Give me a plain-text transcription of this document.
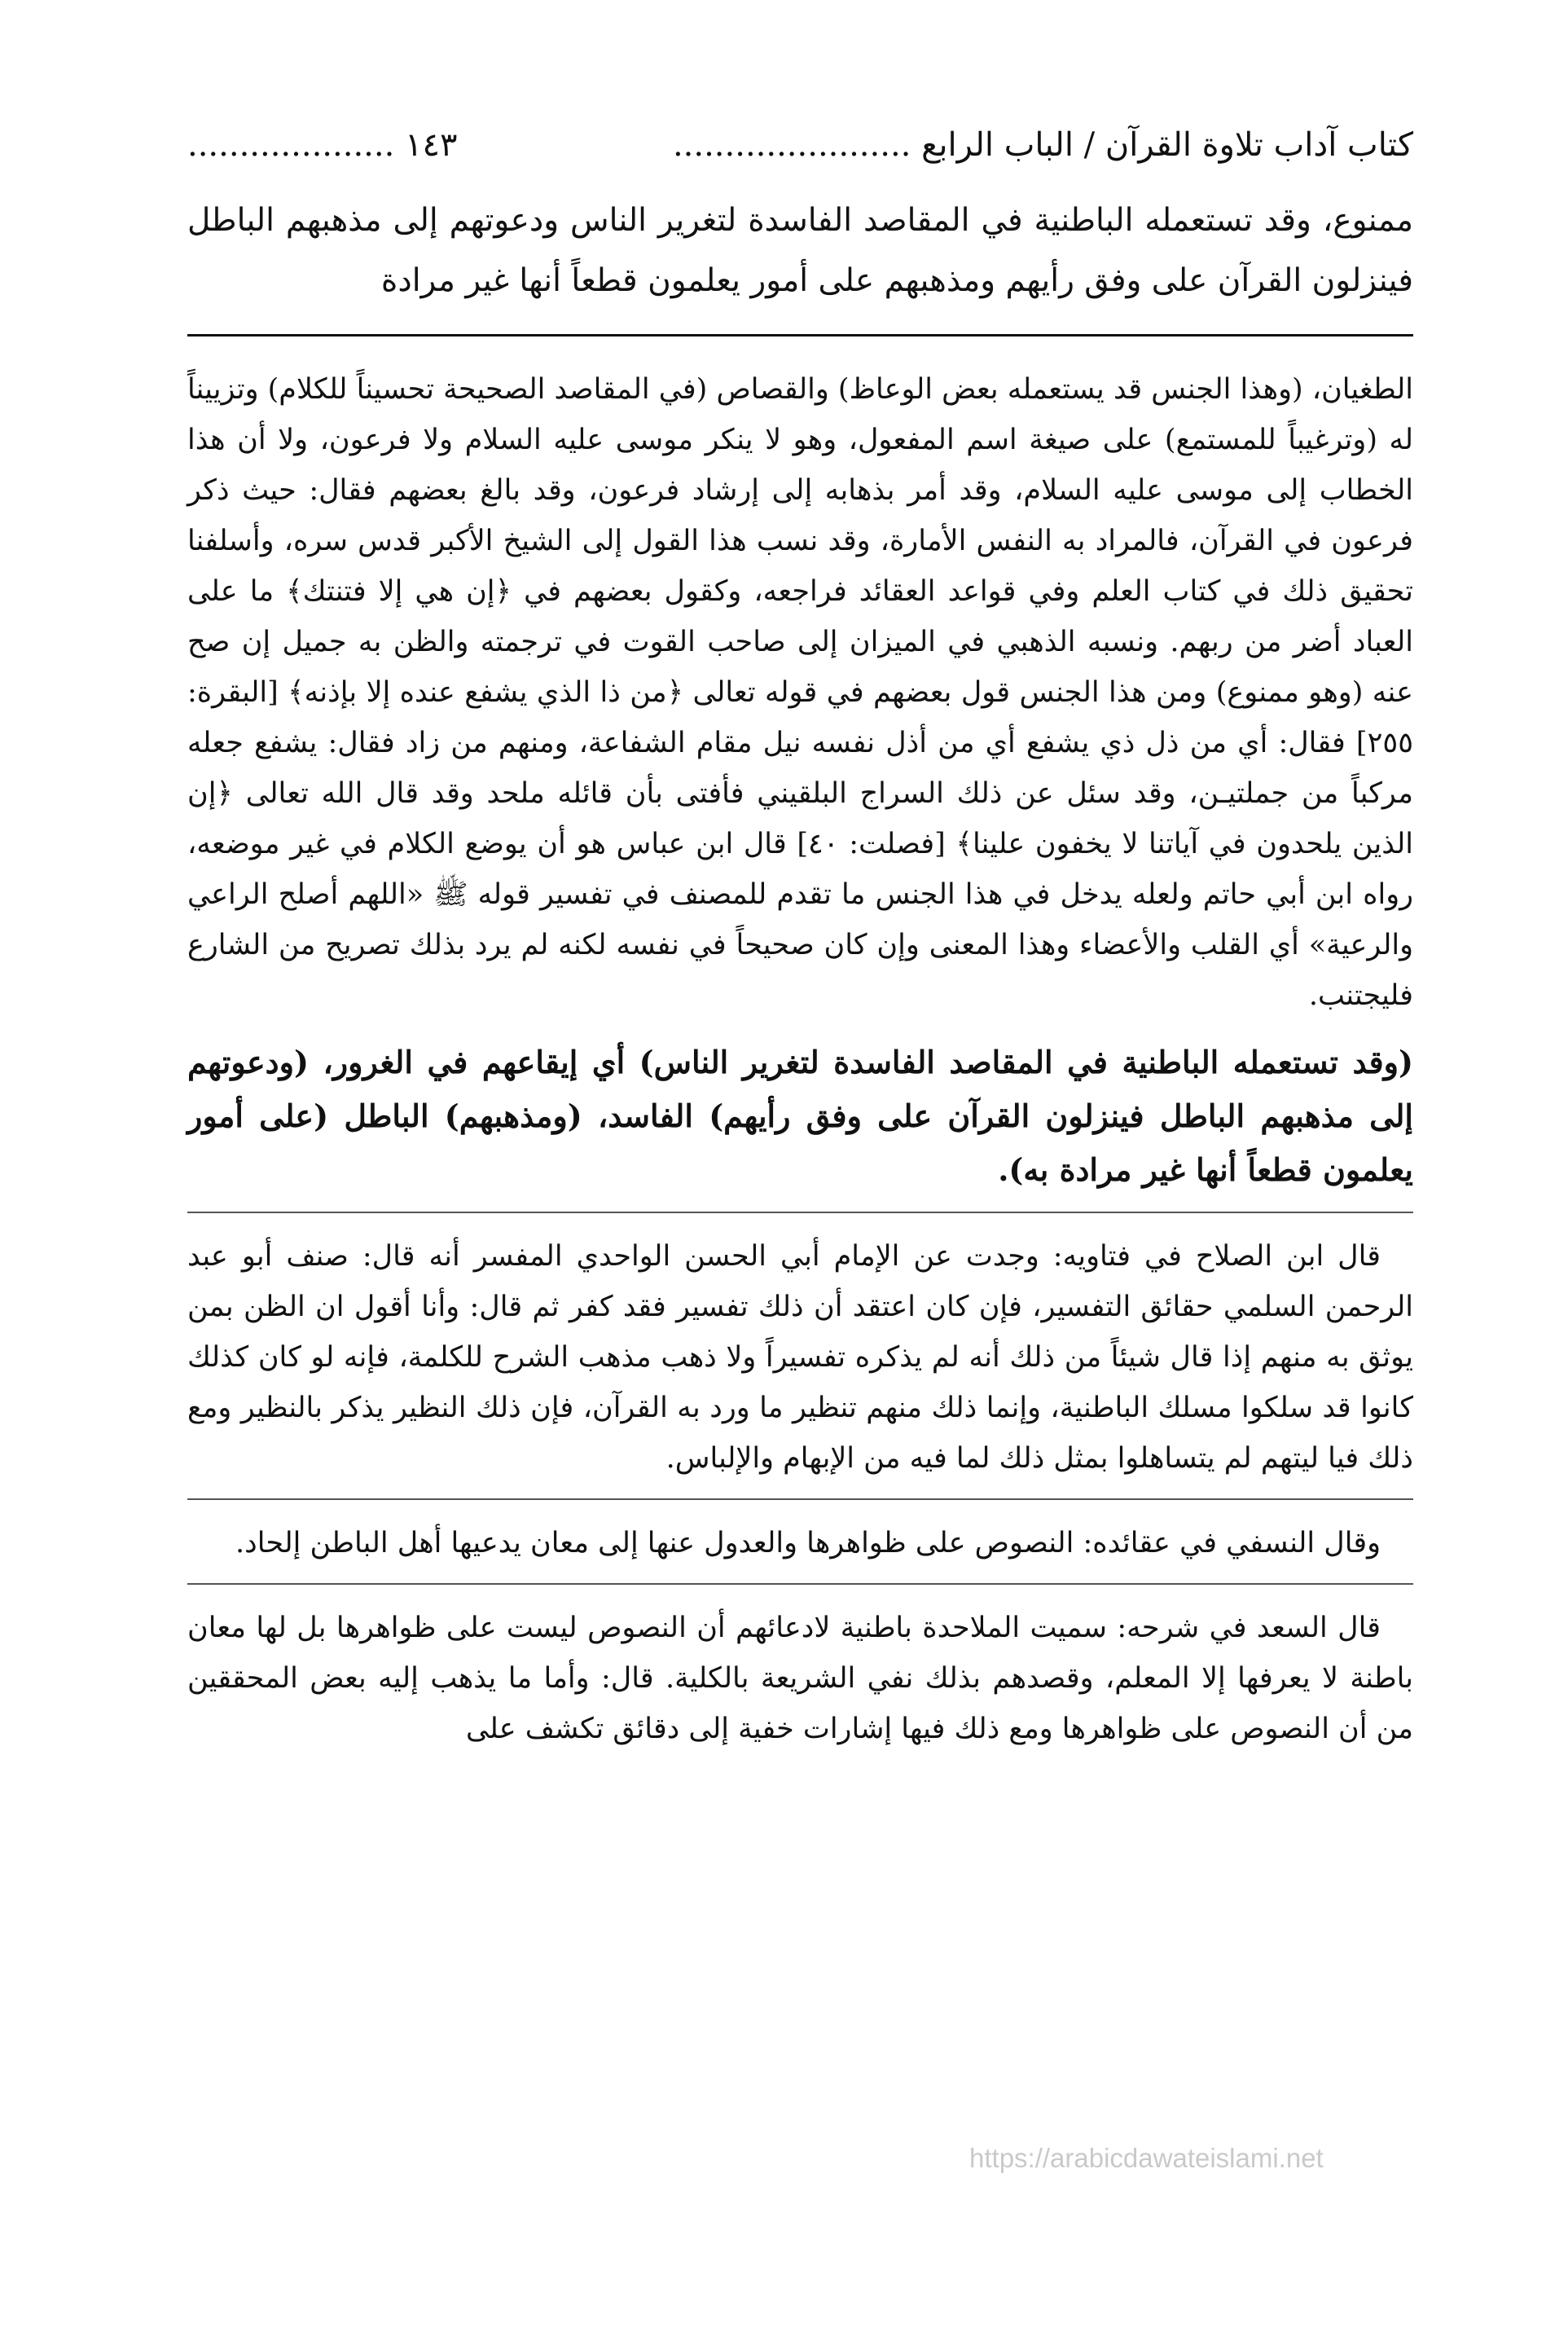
كتاب آداب تلاوة القرآن / الباب الرابع .......................
١٤٣ ....................

ممنوع، وقد تستعمله الباطنية في المقاصد الفاسدة لتغرير الناس ودعوتهم إلى مذهبهم الباطل فينزلون القرآن على وفق رأيهم ومذهبهم على أمور يعلمون قطعاً أنها غير مرادة

الطغيان، (وهذا الجنس قد يستعمله بعض الوعاظ) والقصاص (في المقاصد الصحيحة تحسيناً للكلام) وتزييناً له (وترغيباً للمستمع) على صيغة اسم المفعول، وهو لا ينكر موسى عليه السلام ولا فرعون، ولا أن هذا الخطاب إلى موسى عليه السلام، وقد أمر بذهابه إلى إرشاد فرعون، وقد بالغ بعضهم فقال: حيث ذكر فرعون في القرآن، فالمراد به النفس الأمارة، وقد نسب هذا القول إلى الشيخ الأكبر قدس سره، وأسلفنا تحقيق ذلك في كتاب العلم وفي قواعد العقائد فراجعه، وكقول بعضهم في ﴿إن هي إلا فتنتك﴾ ما على العباد أضر من ربهم. ونسبه الذهبي في الميزان إلى صاحب القوت في ترجمته والظن به جميل إن صح عنه (وهو ممنوع) ومن هذا الجنس قول بعضهم في قوله تعالى ﴿من ذا الذي يشفع عنده إلا بإذنه﴾ [البقرة: ٢٥٥] فقال: أي من ذل ذي يشفع أي من أذل نفسه نيل مقام الشفاعة، ومنهم من زاد فقال: يشفع جعله مركباً من جملتيـن، وقد سئل عن ذلك السراج البلقيني فأفتى بأن قائله ملحد وقد قال الله تعالى ﴿إن الذين يلحدون في آياتنا لا يخفون علينا﴾ [فصلت: ٤٠] قال ابن عباس هو أن يوضع الكلام في غير موضعه، رواه ابن أبي حاتم ولعله يدخل في هذا الجنس ما تقدم للمصنف في تفسير قوله ﷺ «اللهم أصلح الراعي والرعية» أي القلب والأعضاء وهذا المعنى وإن كان صحيحاً في نفسه لكنه لم يرد بذلك تصريح من الشارع فليجتنب.

(وقد تستعمله الباطنية في المقاصد الفاسدة لتغرير الناس) أي إيقاعهم في الغرور، (ودعوتهم إلى مذهبهم الباطل فينزلون القرآن على وفق رأيهم) الفاسد، (ومذهبهم) الباطل (على أمور يعلمون قطعاً أنها غير مرادة به).

قال ابن الصلاح في فتاويه: وجدت عن الإمام أبي الحسن الواحدي المفسر أنه قال: صنف أبو عبد الرحمن السلمي حقائق التفسير، فإن كان اعتقد أن ذلك تفسير فقد كفر ثم قال: وأنا أقول ان الظن بمن يوثق به منهم إذا قال شيئاً من ذلك أنه لم يذكره تفسيراً ولا ذهب مذهب الشرح للكلمة، فإنه لو كان كذلك كانوا قد سلكوا مسلك الباطنية، وإنما ذلك منهم تنظير ما ورد به القرآن، فإن ذلك النظير يذكر بالنظير ومع ذلك فيا ليتهم لم يتساهلوا بمثل ذلك لما فيه من الإبهام والإلباس.

وقال النسفي في عقائده: النصوص على ظواهرها والعدول عنها إلى معان يدعيها أهل الباطن إلحاد.

قال السعد في شرحه: سميت الملاحدة باطنية لادعائهم أن النصوص ليست على ظواهرها بل لها معان باطنة لا يعرفها إلا المعلم، وقصدهم بذلك نفي الشريعة بالكلية. قال: وأما ما يذهب إليه بعض المحققين من أن النصوص على ظواهرها ومع ذلك فيها إشارات خفية إلى دقائق تكشف على

https://arabicdawateislami.net
